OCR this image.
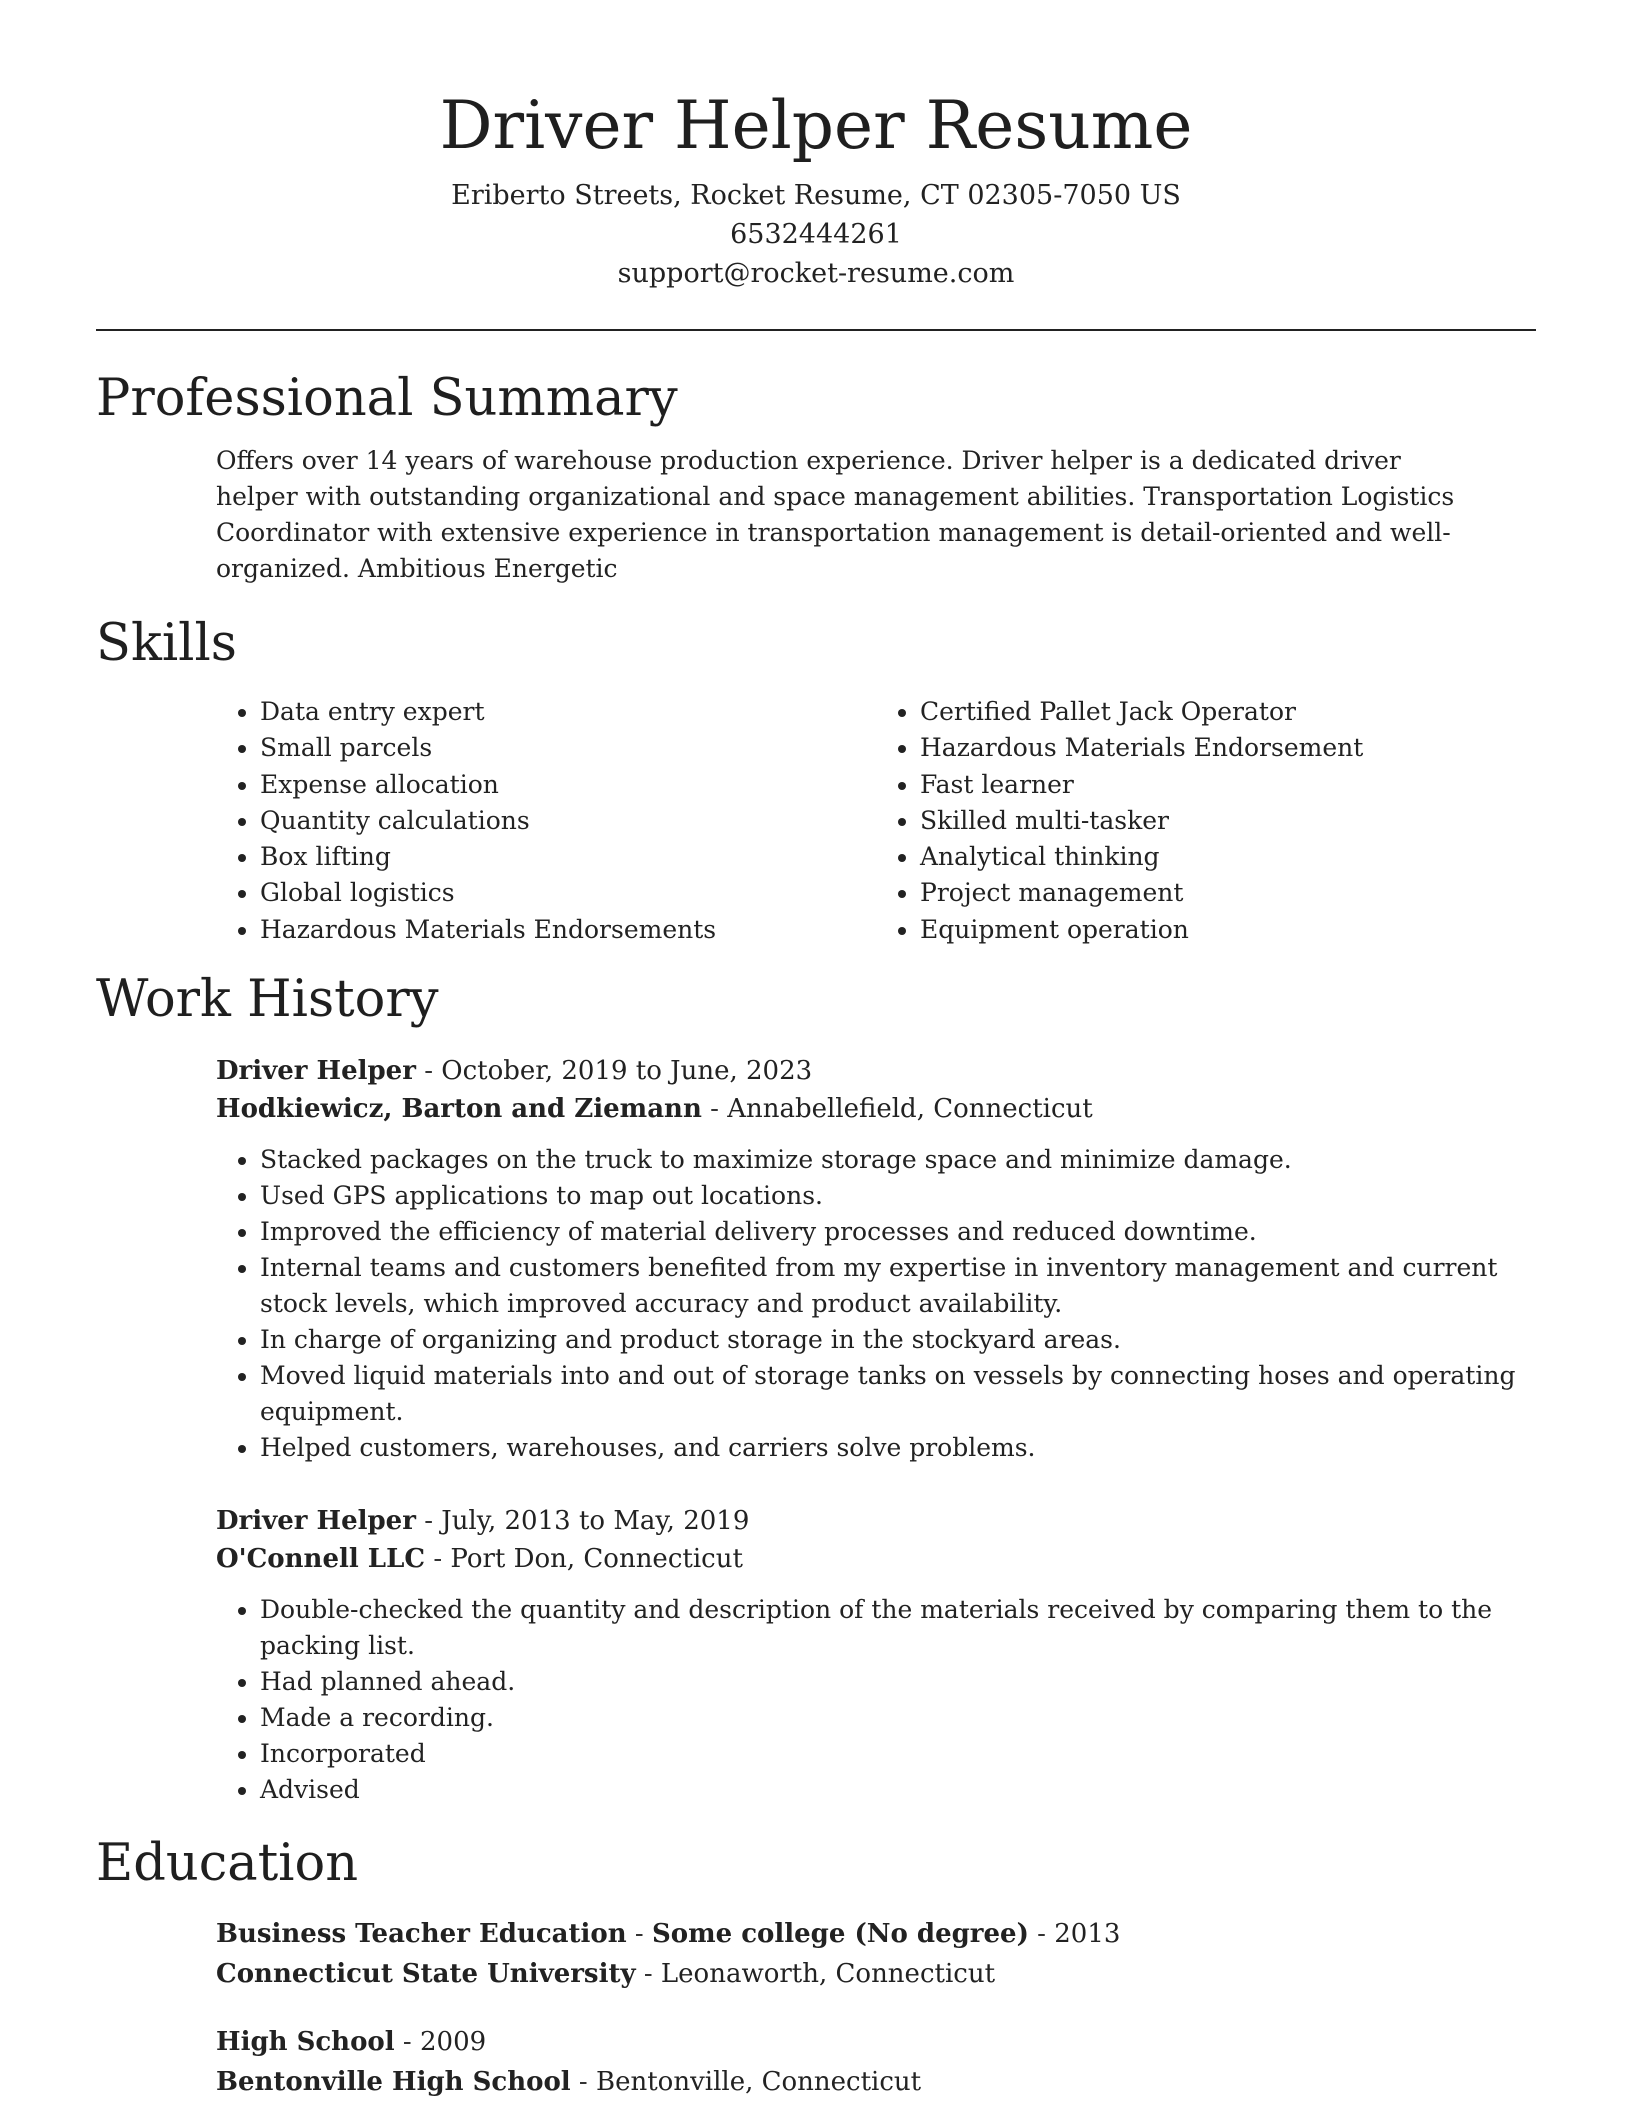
Driver Helper Resume

Eriberto Streets, Rocket Resume, CT 02305-7050 US

6532444261

support@rocket-resume.com

Professional Summary

Offers over 14 years of warehouse production experience. Driver helper is a dedicated driver helper with outstanding organizational and space management abilities. Transportation Logistics Coordinator with extensive experience in transportation management is detail-oriented and well-organized. Ambitious Energetic

Skills
• Data entry expert
• Small parcels
• Expense allocation
• Quantity calculations
• Box lifting
• Global logistics
• Hazardous Materials Endorsements
• Certified Pallet Jack Operator
• Hazardous Materials Endorsement
• Fast learner
• Skilled multi-tasker
• Analytical thinking
• Project management
• Equipment operation
Work History

Driver Helper - October, 2019 to June, 2023

Hodkiewicz, Barton and Ziemann - Annabellefield, Connecticut

• Stacked packages on the truck to maximize storage space and minimize damage.
• Used GPS applications to map out locations.
• Improved the efficiency of material delivery processes and reduced downtime.
• Internal teams and customers benefited from my expertise in inventory management and current stock levels, which improved accuracy and product availability.
• In charge of organizing and product storage in the stockyard areas.
• Moved liquid materials into and out of storage tanks on vessels by connecting hoses and operating equipment.
• Helped customers, warehouses, and carriers solve problems.

Driver Helper - July, 2013 to May, 2019

O'Connell LLC - Port Don, Connecticut

• Double-checked the quantity and description of the materials received by comparing them to the packing list.
• Had planned ahead.
• Made a recording.
• Incorporated
• Advised
Education

Business Teacher Education - Some college (No degree) - 2013

Connecticut State University - Leonaworth, Connecticut

High School - 2009

Bentonville High School - Bentonville, Connecticut
